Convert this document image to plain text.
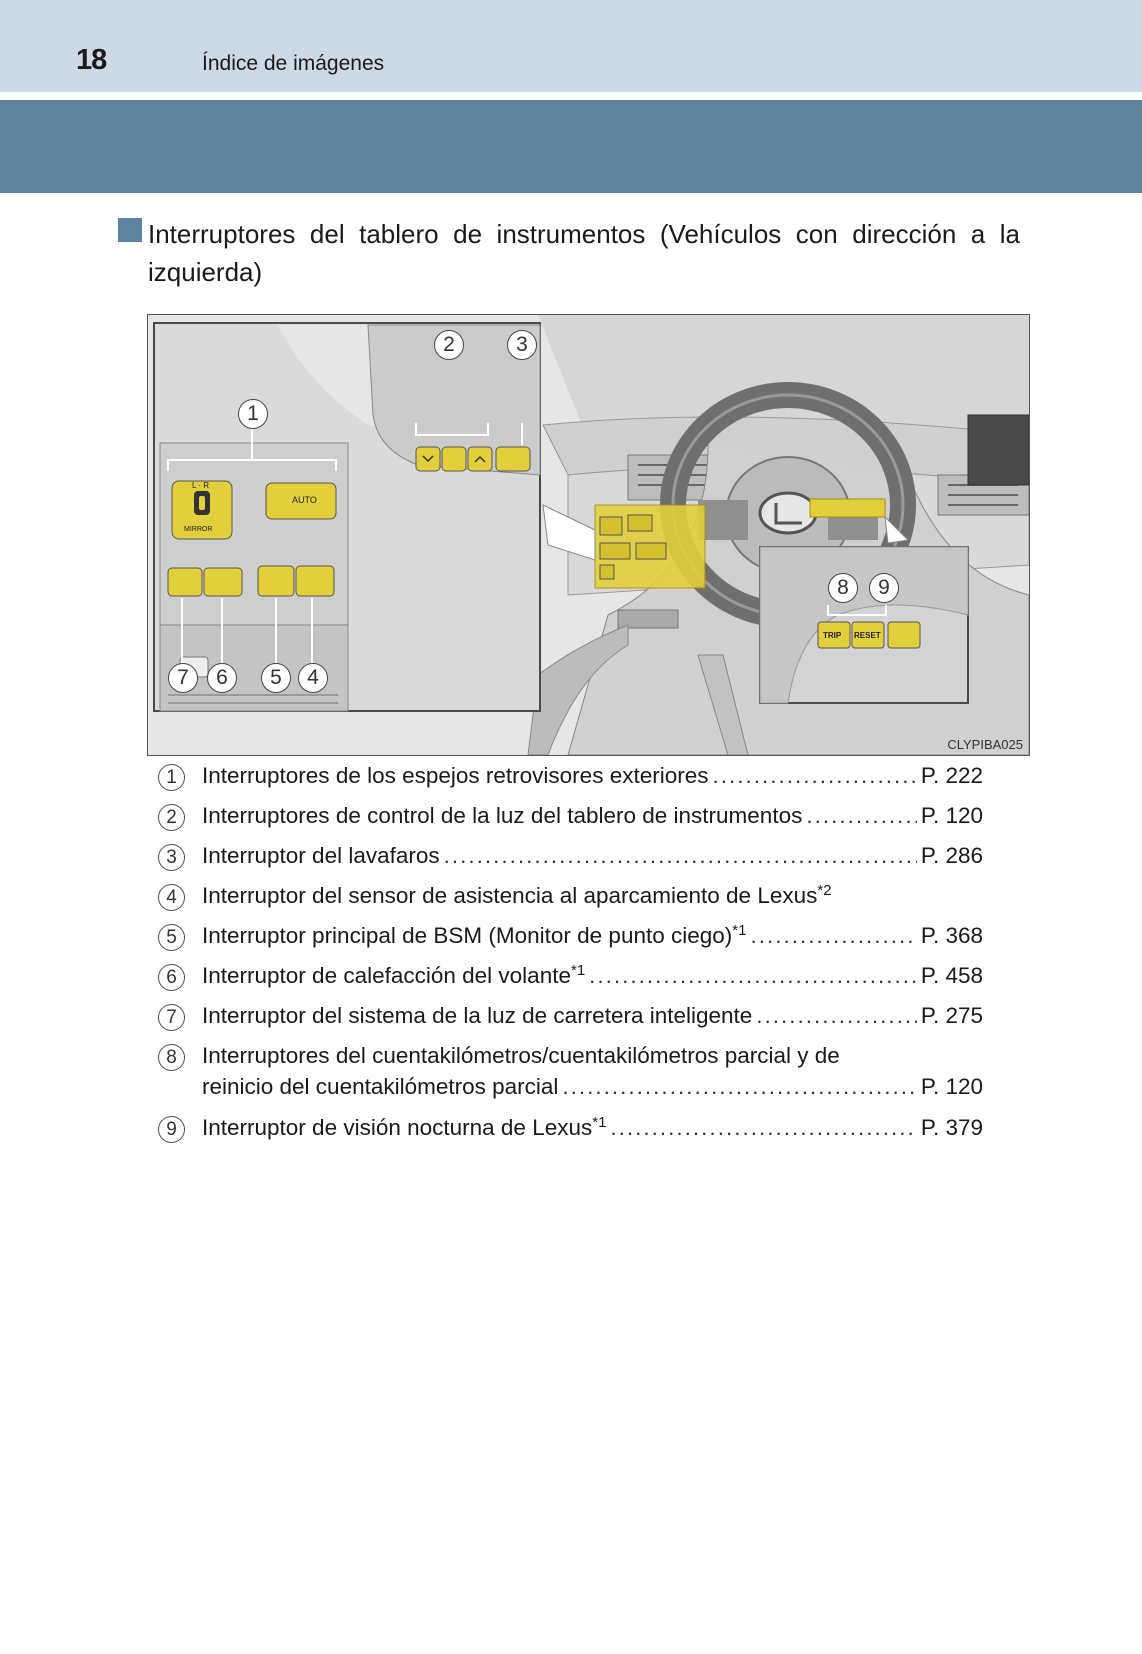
18	Índice de imágenes
Interruptores del tablero de instrumentos (Vehículos con dirección a la izquierda)
L · R
MIRROR
AUTO
TRIP RESET
1
2	3
7	6	5	4
8	9
CLYPIBA025
1	Interruptores de los espejos retrovisores exteriores .....	P. 222
2	Interruptores de control de la luz del tablero de instrumentos .....	P. 120
3	Interruptor del lavafaros .....	P. 286
4	Interruptor del sensor de asistencia al aparcamiento de Lexus$^{*2}$
5	Interruptor principal de BSM (Monitor de punto ciego)$^{*1}$ .....	P. 368
6	Interruptor de calefacción del volante$^{*1}$ .....	P. 458
7	Interruptor del sistema de la luz de carretera inteligente .....	P. 275
8	Interruptores del cuentakilómetros/cuentakilómetros parcial y de
reinicio del cuentakilómetros parcial .....	P. 120
9	Interruptor de visión nocturna de Lexus$^{*1}$ .....	P. 379
